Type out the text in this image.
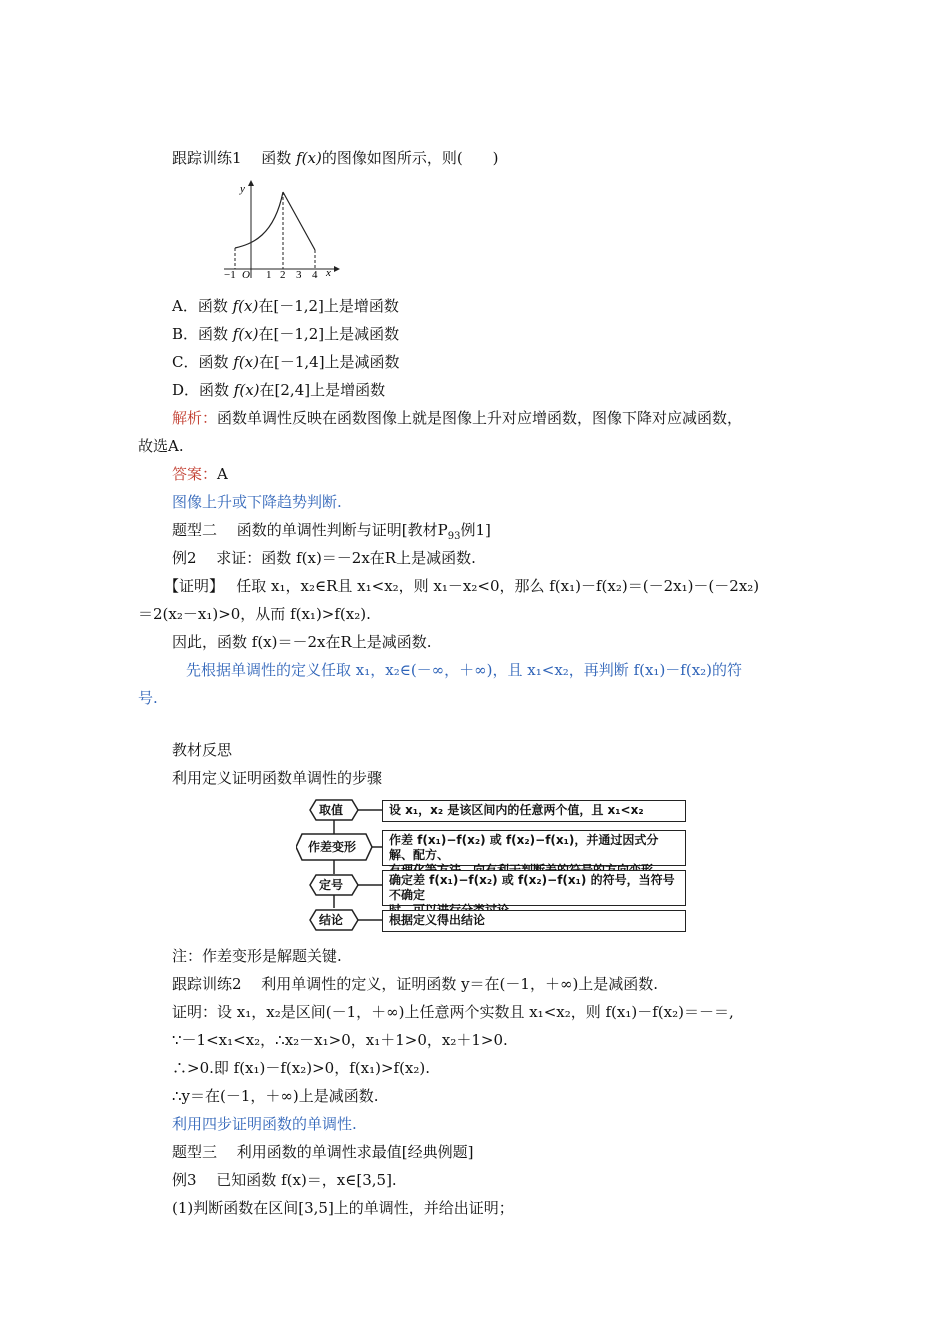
跟踪训练1　 函数 f(x)的图像如图所示，则(　　)
y
x
O
−1	1 2 3 4
A．函数 f(x)在[－1,2]上是增函数
B．函数 f(x)在[－1,2]上是减函数
C．函数 f(x)在[－1,4]上是减函数
D．函数 f(x)在[2,4]上是增函数
解析：函数单调性反映在函数图像上就是图像上升对应增函数，图像下降对应减函数，
故选A.
答案：A
图像上升或下降趋势判断.
题型二　 函数的单调性判断与证明[教材$P_{93}$例1]
例2　 求证：函数 f(x)＝－2x在R上是减函数.
【证明】　 任取 x₁，x₂∈R且 x₁<x₂，则 x₁－x₂<0，那么 f(x₁)－f(x₂)＝(－2x₁)－(－2x₂)
＝2(x₂－x₁)>0，从而 f(x₁)>f(x₂).
因此，函数 f(x)＝－2x在R上是减函数.
先根据单调性的定义任取 x₁，x₂∈(－∞，＋∞)，且 x₁<x₂，再判断 f(x₁)－f(x₂)的符
号.
教材反思
利用定义证明函数单调性的步骤
取值
作差变形
定号
结论
设 x₁，x₂ 是该区间内的任意两个值，且 x₁<x₂
作差 f(x₁)−f(x₂) 或 f(x₂)−f(x₁)，并通过因式分解、配方、
确定差 f(x₁)−f(x₂) 或 f(x₂)−f(x₁) 的符号，当符号不确定
根据定义得出结论
注：作差变形是解题关键.
跟踪训练2　 利用单调性的定义，证明函数 y＝在(－1，＋∞)上是减函数.
证明：设 x₁，x₂是区间(－1，＋∞)上任意两个实数且 x₁<x₂，则 f(x₁)－f(x₂)＝－＝,
∵－1<x₁<x₂，∴x₂－x₁>0，x₁＋1>0，x₂＋1>0.
∴>0.即 f(x₁)－f(x₂)>0，f(x₁)>f(x₂).
∴y＝在(－1，＋∞)上是减函数.
利用四步证明函数的单调性.
题型三　 利用函数的单调性求最值[经典例题]
例3　 已知函数 f(x)＝，x∈[3,5].
(1)判断函数在区间[3,5]上的单调性，并给出证明；
